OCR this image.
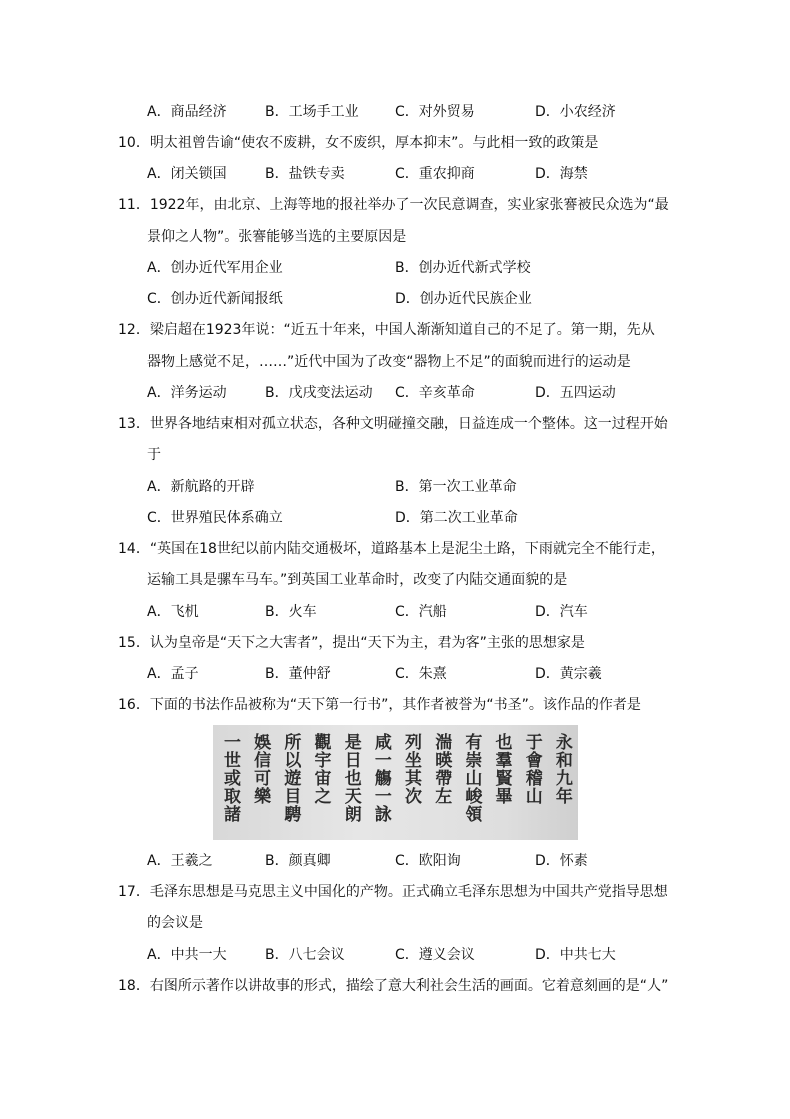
A．商品经济	B．工场手工业	C．对外贸易	D．小农经济
10．明太祖曾告谕“使农不废耕，女不废织，厚本抑末”。与此相一致的政策是
A．闭关锁国	B．盐铁专卖	C．重农抑商	D．海禁
11．1922年，由北京、上海等地的报社举办了一次民意调查，实业家张謇被民众选为“最
景仰之人物”。张謇能够当选的主要原因是
A．创办近代军用企业	B．创办近代新式学校
C．创办近代新闻报纸	D．创办近代民族企业
12．梁启超在1923年说：“近五十年来，中国人渐渐知道自己的不足了。第一期，先从
器物上感觉不足，……”近代中国为了改变“器物上不足”的面貌而进行的运动是
A．洋务运动	B．戊戌变法运动 C．辛亥革命	D．五四运动
13．世界各地结束相对孤立状态，各种文明碰撞交融，日益连成一个整体。这一过程开始
于
A．新航路的开辟	B．第一次工业革命
C．世界殖民体系确立	D．第二次工业革命
14．“英国在18世纪以前内陆交通极坏，道路基本上是泥尘土路，下雨就完全不能行走，
运输工具是骡车马车。”到英国工业革命时，改变了内陆交通面貌的是
A．飞机	B．火车	C．汽船	D．汽车
15．认为皇帝是“天下之大害者”，提出“天下为主，君为客”主张的思想家是
A．孟子	B．董仲舒	C．朱熹	D．黄宗羲
16．下面的书法作品被称为“天下第一行书”，其作者被誉为“书圣”。该作品的作者是
永和九年
于會稽山
也羣賢畢
有崇山峻領
湍暎帶左
列坐其次
咸一觴一詠
是日也天朗
觀宇宙之
所以遊目騁
娛信可樂
一世或取諸
A．王羲之	B．颜真卿	C．欧阳询	D．怀素
17．毛泽东思想是马克思主义中国化的产物。正式确立毛泽东思想为中国共产党指导思想
的会议是
A．中共一大	B．八七会议	C．遵义会议	D．中共七大
18．右图所示著作以讲故事的形式，描绘了意大利社会生活的画面。它着意刻画的是“人”
